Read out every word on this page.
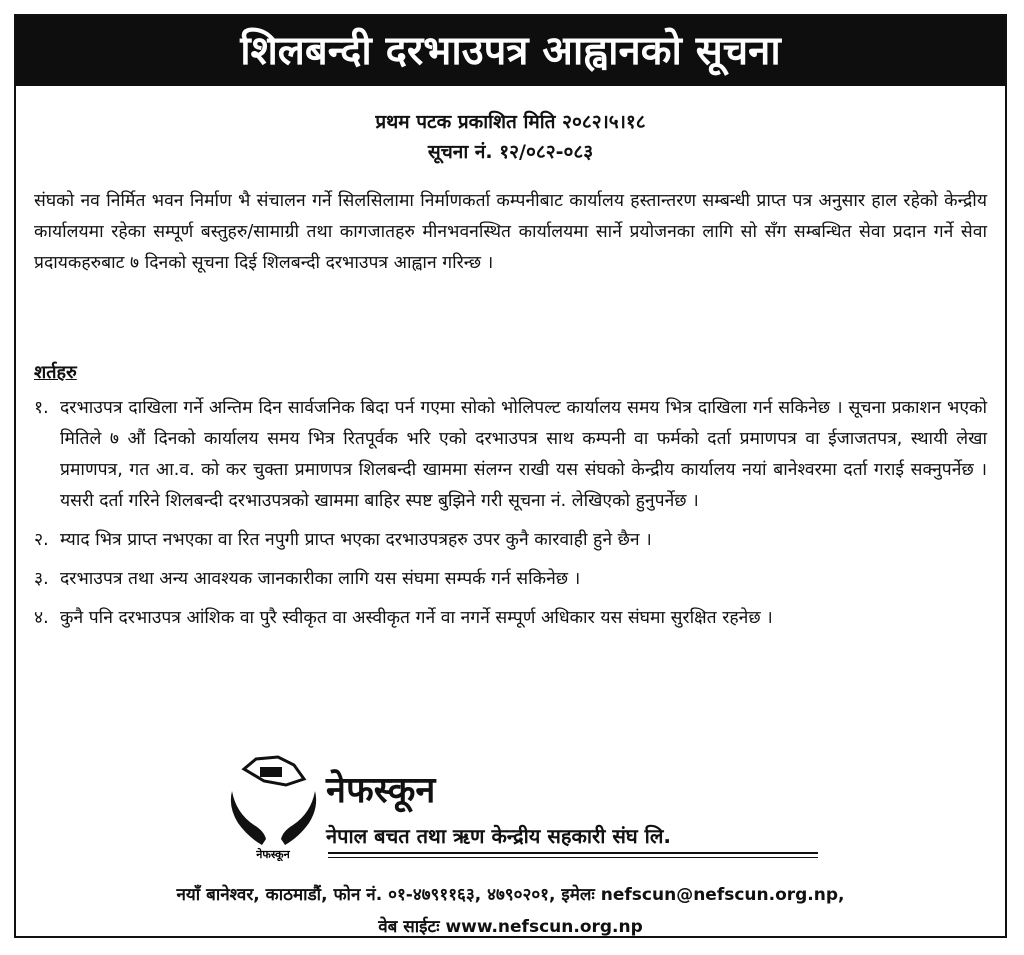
शिलबन्दी दरभाउपत्र आह्वानको सूचना
प्रथम पटक प्रकाशित मिति २०८२।५।१८
सूचना नं. १२/०८२-०८३
संघको नव निर्मित भवन निर्माण भै संचालन गर्ने सिलसिलामा निर्माणकर्ता कम्पनीबाट कार्यालय हस्तान्तरण सम्बन्धी प्राप्त पत्र अनुसार हाल रहेको केन्द्रीय कार्यालयमा रहेका सम्पूर्ण बस्तुहरु/सामाग्री तथा कागजातहरु मीनभवनस्थित कार्यालयमा सार्ने प्रयोजनका लागि सो सँग सम्बन्धित सेवा प्रदान गर्ने सेवा प्रदायकहरुबाट ७ दिनको सूचना दिई शिलबन्दी दरभाउपत्र आह्वान गरिन्छ ।
शर्तहरु
१. दरभाउपत्र दाखिला गर्ने अन्तिम दिन सार्वजनिक बिदा पर्न गएमा सोको भोलिपल्ट कार्यालय समय भित्र दाखिला गर्न सकिनेछ । सूचना प्रकाशन भएको मितिले ७ औं दिनको कार्यालय समय भित्र रितपूर्वक भरि एको दरभाउपत्र साथ कम्पनी वा फर्मको दर्ता प्रमाणपत्र वा ईजाजतपत्र, स्थायी लेखा प्रमाणपत्र, गत आ.व. को कर चुक्ता प्रमाणपत्र शिलबन्दी खाममा संलग्न राखी यस संघको केन्द्रीय कार्यालय नयां बानेश्वरमा दर्ता गराई सक्नुपर्नेछ । यसरी दर्ता गरिने शिलबन्दी दरभाउपत्रको खाममा बाहिर स्पष्ट बुझिने गरी सूचना नं. लेखिएको हुनुपर्नेछ ।
२. म्याद भित्र प्राप्त नभएका वा रित नपुगी प्राप्त भएका दरभाउपत्रहरु उपर कुनै कारवाही हुने छैन ।
३. दरभाउपत्र तथा अन्य आवश्यक जानकारीका लागि यस संघमा सम्पर्क गर्न सकिनेछ ।
४. कुनै पनि दरभाउपत्र आंशिक वा पुरै स्वीकृत वा अस्वीकृत गर्ने वा नगर्ने सम्पूर्ण अधिकार यस संघमा सुरक्षित रहनेछ ।
नेफस्कून
नेफस्कून
नेपाल बचत तथा ऋण केन्द्रीय सहकारी संघ लि.
नयाँ बानेश्वर, काठमाडौं, फोन नं. ०१-४७९११६३, ४७९०२०१, इमेलः nefscun@nefscun.org.np,
वेब साईटः www.nefscun.org.np
